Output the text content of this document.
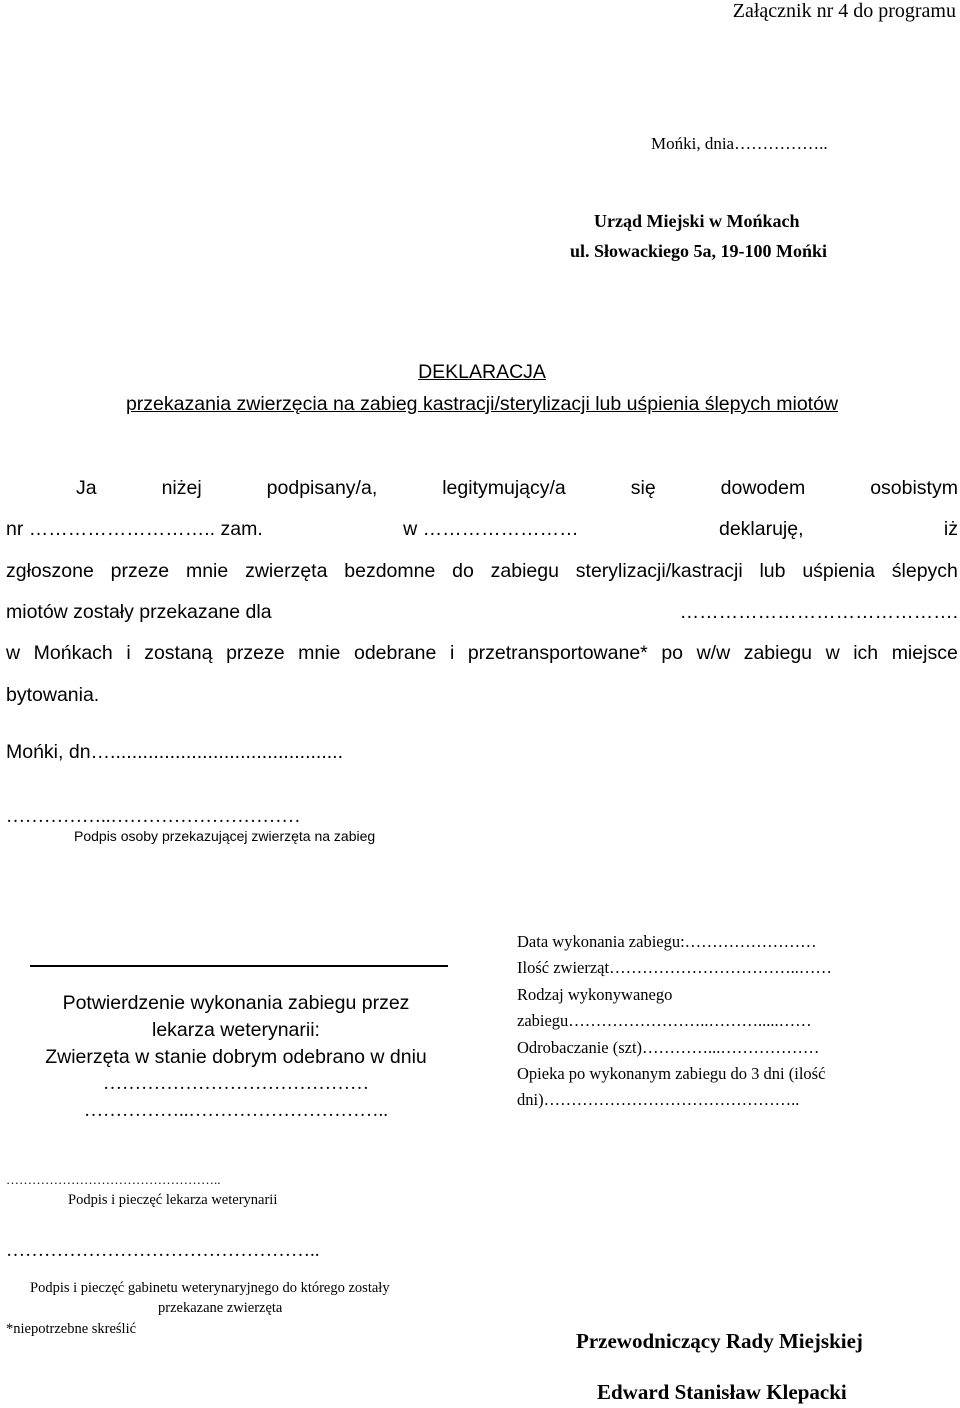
Załącznik nr 4 do programu
Mońki, dnia……………..
Urząd Miejski w Mońkach
ul. Słowackiego 5a, 19-100 Mońki
DEKLARACJA
przekazania zwierzęcia na zabieg kastracji/sterylizacji lub uśpienia ślepych miotów
Ja	niżej	podpisany/a,	legitymujący/a	się	dowodem	osobistym
nr ……………………….. zam.	w ……………………	deklaruję,	iż
zgłoszone przeze mnie zwierzęta bezdomne do zabiegu sterylizacji/kastracji lub uśpienia ślepych
miotów zostały przekazane dla	…………………………………….
w Mońkach i zostaną przeze mnie odebrane i przetransportowane* po w/w zabiegu w ich miejsce
bytowania.
Mońki, dn…...........................................
……………..…………………………
Podpis osoby przekazującej zwierzęta na zabieg
Potwierdzenie wykonania zabiegu przez
lekarza weterynarii:
Zwierzęta w stanie dobrym odebrano w dniu
……………………………………
……………..…………………………..
Data wykonania zabiegu:……………………
Ilość zwierząt……………………………..……
Rodzaj wykonywanego
zabiegu……………………..……….....……
Odrobaczanie (szt)…………...………………
Opieka po wykonanym zabiegu do 3 dni (ilość
dni)………………………………………..
…………………………………………..
Podpis i pieczęć lekarza weterynarii
…………………………………………..
Podpis i pieczęć gabinetu weterynaryjnego do którego zostały
przekazane zwierzęta
*niepotrzebne skreślić	Przewodniczący Rady Miejskiej
Edward Stanisław Klepacki
